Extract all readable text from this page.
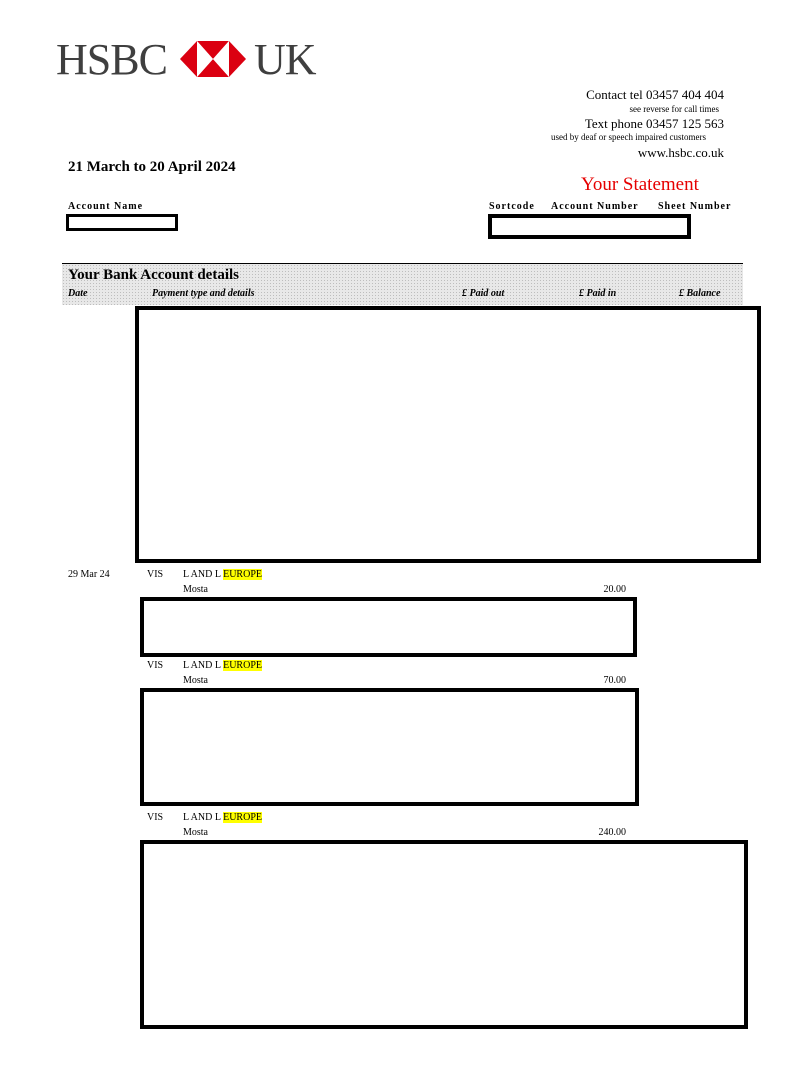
HSBC UK
Contact tel 03457 404 404
see reverse for call times
Text phone 03457 125 563
used by deaf or speech impaired customers
www.hsbc.co.uk
21 March to 20 April 2024
Your Statement
Account Name	Sortcode Account Number Sheet Number
Your Bank Account details
Date	Payment type and details	£ Paid out	£ Paid in	£ Balance
29 Mar 24	VIS L AND L EUROPE
Mosta	20.00
VIS L AND L EUROPE
Mosta	70.00
VIS L AND L EUROPE
Mosta	240.00
